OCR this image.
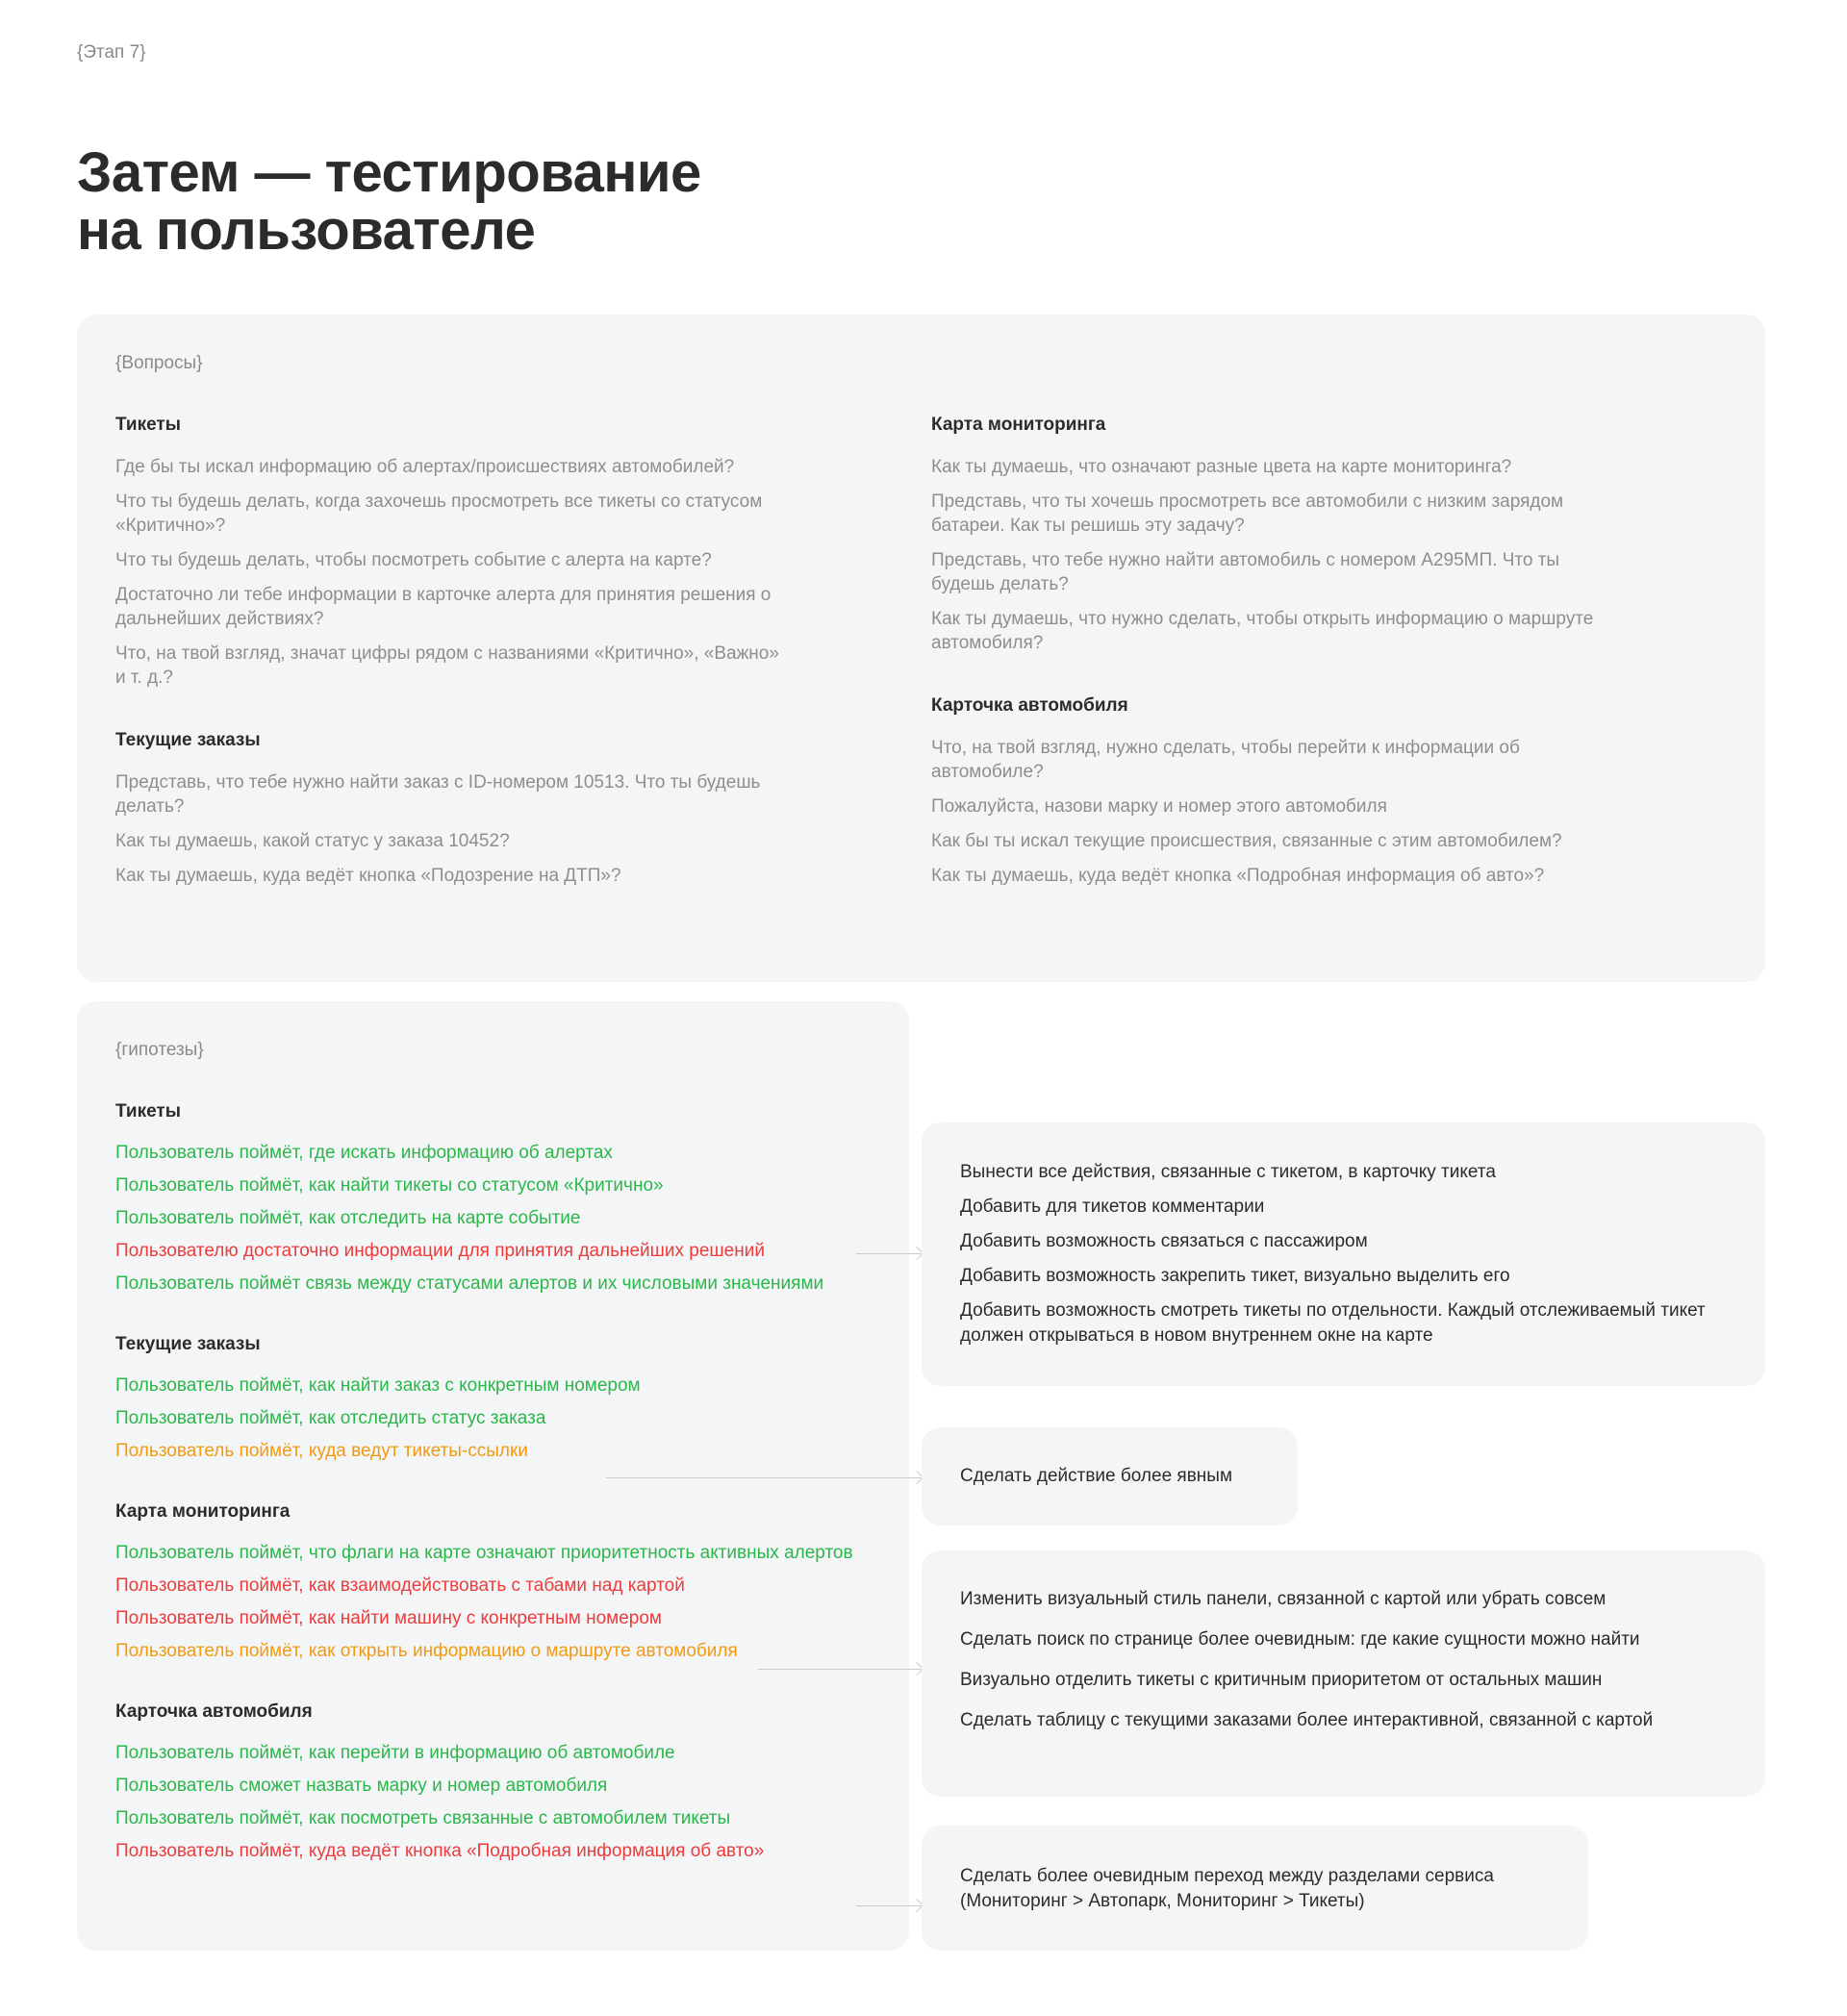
{Этап 7}
Затем — тестирование
на пользователе
{Вопросы}
Тикеты
Где бы ты искал информацию об алертах/происшествиях автомобилей?
Что ты будешь делать, когда захочешь просмотреть все тикеты со статусом «Критично»?
Что ты будешь делать, чтобы посмотреть событие с алерта на карте?
Достаточно ли тебе информации в карточке алерта для принятия решения о дальнейших действиях?
Что, на твой взгляд, значат цифры рядом с названиями «Критично», «Важно» и т. д.?
Текущие заказы
Представь, что тебе нужно найти заказ с ID-номером 10513. Что ты будешь делать?
Как ты думаешь, какой статус у заказа 10452?
Как ты думаешь, куда ведёт кнопка «Подозрение на ДТП»?
Карта мониторинга
Как ты думаешь, что означают разные цвета на карте мониторинга?
Представь, что ты хочешь просмотреть все автомобили с низким зарядом батареи. Как ты решишь эту задачу?
Представь, что тебе нужно найти автомобиль с номером А295МП. Что ты будешь делать?
Как ты думаешь, что нужно сделать, чтобы открыть информацию о маршруте автомобиля?
Карточка автомобиля
Что, на твой взгляд, нужно сделать, чтобы перейти к информации об автомобиле?
Пожалуйста, назови марку и номер этого автомобиля
Как бы ты искал текущие происшествия, связанные с этим автомобилем?
Как ты думаешь, куда ведёт кнопка «Подробная информация об авто»?
{гипотезы}
Тикеты
Пользователь поймёт, где искать информацию об алертах
Пользователь поймёт, как найти тикеты со статусом «Критично»
Пользователь поймёт, как отследить на карте событие
Пользователю достаточно информации для принятия дальнейших решений
Пользователь поймёт связь между статусами алертов и их числовыми значениями
Текущие заказы
Пользователь поймёт, как найти заказ с конкретным номером
Пользователь поймёт, как отследить статус заказа
Пользователь поймёт, куда ведут тикеты-ссылки
Карта мониторинга
Пользователь поймёт, что флаги на карте означают приоритетность активных алертов
Пользователь поймёт, как взаимодействовать с табами над картой
Пользователь поймёт, как найти машину с конкретным номером
Пользователь поймёт, как открыть информацию о маршруте автомобиля
Карточка автомобиля
Пользователь поймёт, как перейти в информацию об автомобиле
Пользователь сможет назвать марку и номер автомобиля
Пользователь поймёт, как посмотреть связанные с автомобилем тикеты
Пользователь поймёт, куда ведёт кнопка «Подробная информация об авто»
Вынести все действия, связанные с тикетом, в карточку тикета
Добавить для тикетов комментарии
Добавить возможность связаться с пассажиром
Добавить возможность закрепить тикет, визуально выделить его
Добавить возможность смотреть тикеты по отдельности. Каждый отслеживаемый тикет должен открываться в новом внутреннем окне на карте
Сделать действие более явным
Изменить визуальный стиль панели, связанной с картой или убрать совсем
Сделать поиск по странице более очевидным: где какие сущности можно найти
Визуально отделить тикеты с критичным приоритетом от остальных машин
Сделать таблицу с текущими заказами более интерактивной, связанной с картой
Сделать более очевидным переход между разделами сервиса (Мониторинг > Автопарк, Мониторинг > Тикеты)
